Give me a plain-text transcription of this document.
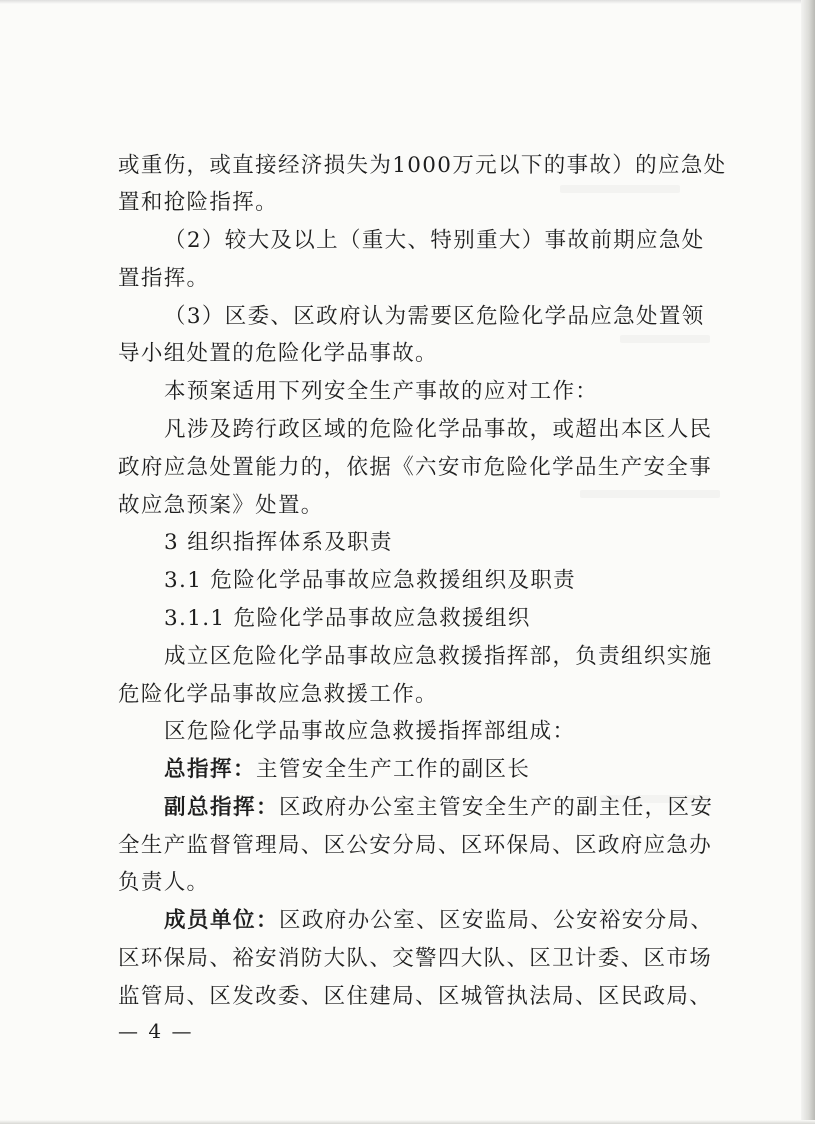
或重伤，或直接经济损失为1000万元以下的事故）的应急处
置和抢险指挥。
（2）较大及以上（重大、特别重大）事故前期应急处
置指挥。
（3）区委、区政府认为需要区危险化学品应急处置领
导小组处置的危险化学品事故。
本预案适用下列安全生产事故的应对工作：
凡涉及跨行政区域的危险化学品事故，或超出本区人民
政府应急处置能力的，依据《六安市危险化学品生产安全事
故应急预案》处置。
3 组织指挥体系及职责
3.1 危险化学品事故应急救援组织及职责
3.1.1 危险化学品事故应急救援组织
成立区危险化学品事故应急救援指挥部，负责组织实施
危险化学品事故应急救援工作。
区危险化学品事故应急救援指挥部组成：
总指挥：主管安全生产工作的副区长
副总指挥：区政府办公室主管安全生产的副主任，区安
全生产监督管理局、区公安分局、区环保局、区政府应急办
负责人。
成员单位：区政府办公室、区安监局、公安裕安分局、
区环保局、裕安消防大队、交警四大队、区卫计委、区市场
监管局、区发改委、区住建局、区城管执法局、区民政局、
— 4 —
